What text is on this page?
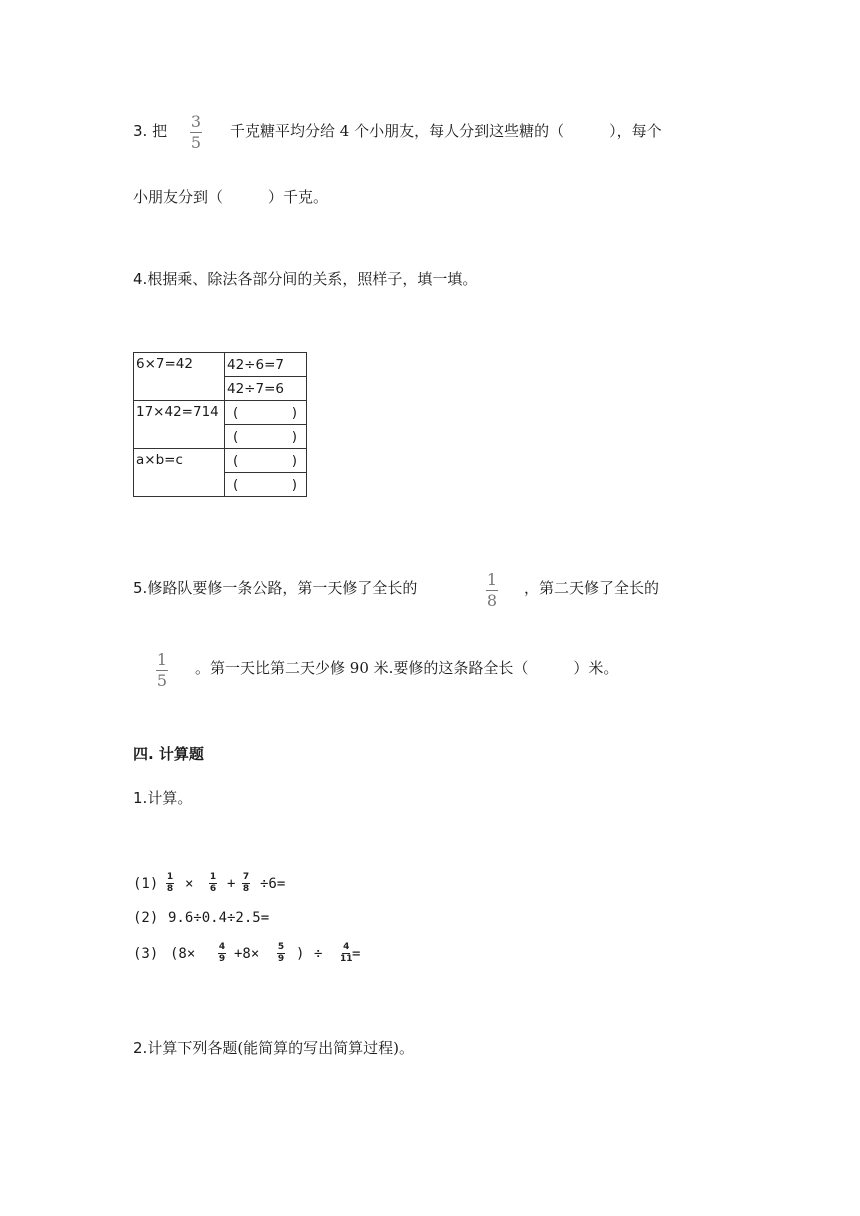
3. 把 3
5
千克糖平均分给 4 个小朋友，每人分到这些糖的（　　　），每个
小朋友分到（　　　）千克。
4.根据乘、除法各部分间的关系，照样子，填一填。
6×7=42	42÷6=7
	42÷7=6
17×42=714	( )

	( )

a×b=c	( )

	( )
5.修路队要修一条公路，第一天修了全长的	1
8
，第二天修了全长的
1
5
。第一天比第二天少修 90 米.要修的这条路全长（　　　）米。
四. 计算题
1.计算。
(1) 1
8 × 1
6 + 7
8 ÷6=
(2) 9.6÷0.4÷2.5=
(3) (8×	4
9 +8× 5
9 ) ÷ 4
11 =
2.计算下列各题(能简算的写出简算过程)。
